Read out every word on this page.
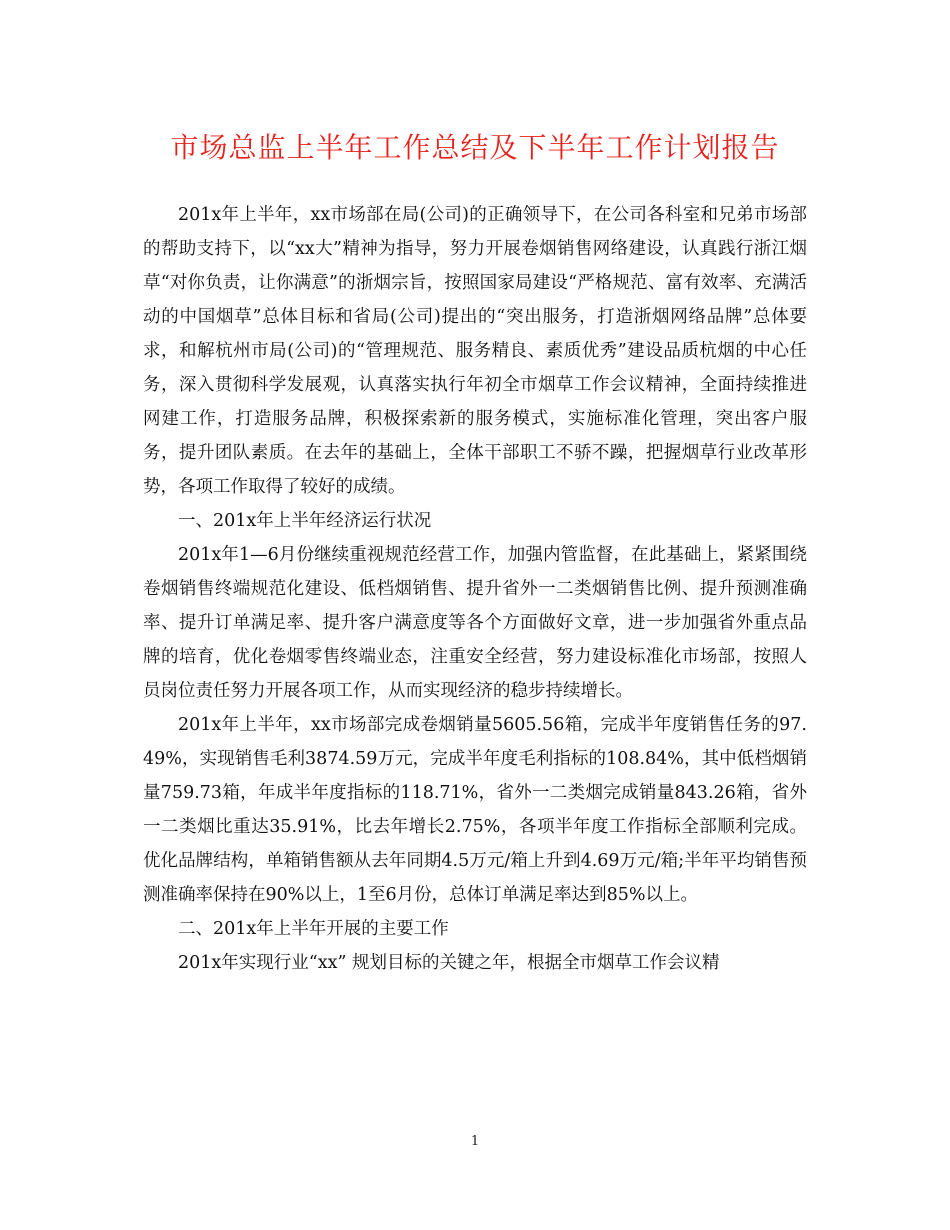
市场总监上半年工作总结及下半年工作计划报告

201x年上半年，xx市场部在局(公司)的正确领导下，在公司各科室和兄弟市场部的帮助支持下，以“xx大”精神为指导，努力开展卷烟销售网络建设，认真践行浙江烟草“对你负责，让你满意”的浙烟宗旨，按照国家局建设“严格规范、富有效率、充满活动的中国烟草”总体目标和省局(公司)提出的“突出服务，打造浙烟网络品牌”总体要求，和解杭州市局(公司)的“管理规范、服务精良、素质优秀”建设品质杭烟的中心任务，深入贯彻科学发展观，认真落实执行年初全市烟草工作会议精神，全面持续推进网建工作，打造服务品牌，积极探索新的服务模式，实施标准化管理，突出客户服务，提升团队素质。在去年的基础上，全体干部职工不骄不躁，把握烟草行业改革形势，各项工作取得了较好的成绩。

一、201x年上半年经济运行状况

201x年1—6月份继续重视规范经营工作，加强内管监督，在此基础上，紧紧围绕卷烟销售终端规范化建设、低档烟销售、提升省外一二类烟销售比例、提升预测准确率、提升订单满足率、提升客户满意度等各个方面做好文章，进一步加强省外重点品牌的培育，优化卷烟零售终端业态，注重安全经营，努力建设标准化市场部，按照人员岗位责任努力开展各项工作，从而实现经济的稳步持续增长。

201x年上半年，xx市场部完成卷烟销量5605.56箱，完成半年度销售任务的97.49%，实现销售毛利3874.59万元，完成半年度毛利指标的108.84%，其中低档烟销量759.73箱，年成半年度指标的118.71%，省外一二类烟完成销量843.26箱，省外一二类烟比重达35.91%，比去年增长2.75%，各项半年度工作指标全部顺利完成。优化品牌结构，单箱销售额从去年同期4.5万元/箱上升到4.69万元/箱;半年平均销售预测准确率保持在90%以上，1至6月份，总体订单满足率达到85%以上。

二、201x年上半年开展的主要工作

201x年实现行业“xx” 规划目标的关键之年，根据全市烟草工作会议精

1
